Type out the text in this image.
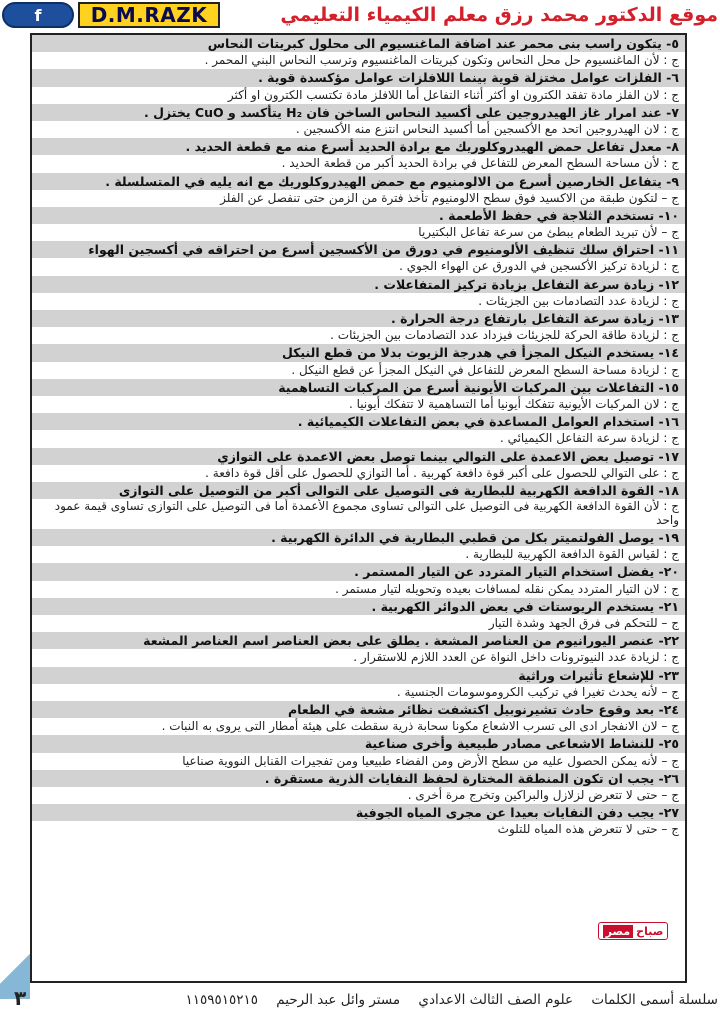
f	D.M.RAZK	موقع الدكتور محمد رزق معلم الكيمياء التعليمي
٥- يتكون راسب بنى محمر عند اضافة الماغنسيوم الى محلول كبريتات النحاس
ج : لأن الماغنسيوم حل محل النحاس وتكون كبريتات الماغنسيوم وترسب النحاس البني المحمر .
٦- الفلزات عوامل مختزلة قوية بينما اللافلزات عوامل مؤكسدة قوية .
ج : لان الفلز مادة تفقد الكترون او أكثر أثناء التفاعل أما اللافلز مادة تكتسب الكترون او أكثر
٧- عند امرار غاز الهيدروجين على أكسيد النحاس الساخن فان H₂ يتأكسد و CuO يختزل .
ج : لان الهيدروجين اتحد مع الأكسجين أما أكسيد النحاس انتزع منه الأكسجين .
٨- معدل تفاعل حمض الهيدروكلوريك مع برادة الحديد أسرع منه مع قطعة الحديد .
ج : لأن مساحة السطح المعرض للتفاعل في برادة الحديد أكبر من قطعة الحديد .
٩- يتفاعل الخارصين أسرع من الالومنيوم مع حمض الهيدروكلوريك مع انه يليه في المتسلسلة .
ج – لتكون طبقة من الاكسيد فوق سطح الالومنيوم تأخذ فترة من الزمن حتى تنفصل عن الفلز
١٠- تستخدم الثلاجة في حفظ الأطعمة .
ج – لأن تبريد الطعام يبطئ من سرعة تفاعل البكتيريا
١١- احتراق سلك تنظيف الألومنيوم في دورق من الأكسجين أسرع من احتراقه في أكسجين الهواء
ج : لزيادة تركيز الأكسجين في الدورق عن الهواء الجوي .
١٢- زيادة سرعة التفاعل بزيادة تركيز المتفاعلات .
ج : لزيادة عدد التصادمات بين الجزيئات .
١٣- زيادة سرعة التفاعل بارتفاع درجة الحرارة .
ج : لزيادة طاقة الحركة للجزيئات فيزداد عدد التصادمات بين الجزيئات .
١٤- يستخدم النيكل المجزأ في هدرجة الزيوت بدلا من قطع النيكل
ج : لزيادة مساحة السطح المعرض للتفاعل في النيكل المجزأ عن قطع النيكل .
١٥- التفاعلات بين المركبات الأيونية أسرع من المركبات التساهمية
ج : لان المركبات الأيونية تتفكك أيونيا أما التساهمية لا تتفكك أيونيا .
١٦- استخدام العوامل المساعدة في بعض التفاعلات الكيميائية .
ج : لزيادة سرعة التفاعل الكيميائي .
١٧- توصيل بعض الاعمدة على التوالي بينما توصل بعض الاعمدة على التوازي
ج : على التوالي للحصول على أكبر قوة دافعة كهربية . أما التوازي للحصول على أقل قوة دافعة .
١٨- القوة الدافعة الكهربية للبطارية فى التوصيل على التوالى أكبر من التوصيل على التوازى
ج : لأن القوة الدافعة الكهربية فى التوصيل على التوالى تساوى مجموع الأعمدة أما فى التوصيل على التوازى تساوى قيمة عمود واحد
١٩- يوصل الفولتميتر بكل من قطبي البطارية في الدائرة الكهربية .
ج : لقياس القوة الدافعة الكهربية للبطارية .
٢٠- يفضل استخدام التيار المتردد عن التيار المستمر .
ج : لان التيار المتردد يمكن نقله لمسافات بعيده وتحويله لتيار مستمر .
٢١- يستخدم الريوستات في بعض الدوائر الكهربية .
ج – للتحكم فى فرق الجهد وشدة التيار
٢٢- عنصر اليورانيوم من العناصر المشعة . يطلق على بعض العناصر اسم العناصر المشعة
ج : لزيادة عدد النيوترونات داخل النواة عن العدد اللازم للاستقرار .
٢٣- للإشعاع تأثيرات وراثية
ج – لأنه يحدث تغيرا في تركيب الكروموسومات الجنسية .
٢٤- بعد وقوع حادث تشيرنوبيل اكتشفت نظائر مشعة في الطعام
ج – لان الانفجار ادى الى تسرب الاشعاع مكونا سحابة ذرية سقطت على هيئة أمطار التى يروى به النبات .
٢٥- للنشاط الاشعاعى مصادر طبيعية وأخرى صناعية
ج – لأنه يمكن الحصول عليه من سطح الأرض ومن الفضاء طبيعيا ومن تفجيرات القنابل النووية صناعيا
٢٦- يجب ان تكون المنطقة المختارة لحفظ النفايات الذرية مستقرة .
ج – حتى لا تتعرض لزلازل والبراكين وتخرج مرة أخرى .
٢٧- يجب دفن النفايات بعيدا عن مجرى المياه الجوفية
ج – حتى لا تتعرض هذه المياه للتلوث
صباح
مصر
٣	سلسلة أسمى الكلمات علوم الصف الثالث الاعدادي مستر وائل عبد الرحيم ١١٥٩٥١٥٢١٥
